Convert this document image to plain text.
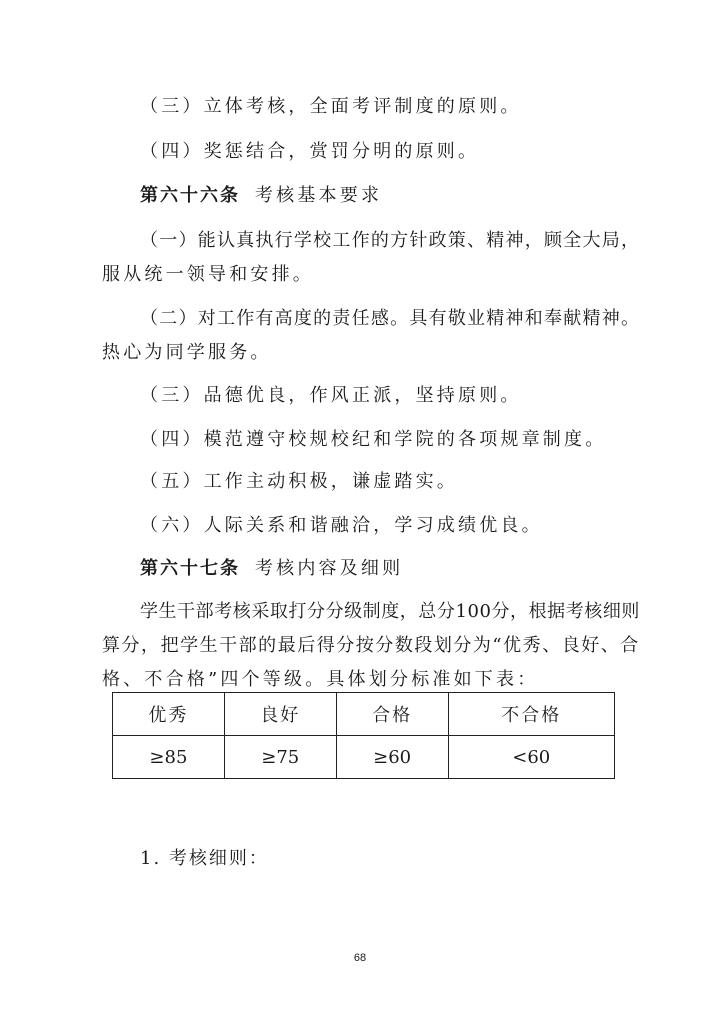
（三）立体考核，全面考评制度的原则。
（四）奖惩结合，赏罚分明的原则。
第六十六条 考核基本要求
（一）能认真执行学校工作的方针政策、精神，顾全大局，
服从统一领导和安排。
（二）对工作有高度的责任感。具有敬业精神和奉献精神。
热心为同学服务。
（三）品德优良，作风正派，坚持原则。
（四）模范遵守校规校纪和学院的各项规章制度。
（五）工作主动积极，谦虚踏实。
（六）人际关系和谐融洽，学习成绩优良。
第六十七条 考核内容及细则
学生干部考核采取打分分级制度，总分100分，根据考核细则
算分，把学生干部的最后得分按分数段划分为“优秀、良好、合
格、不合格”四个等级。具体划分标准如下表：
优秀	良好	合格	不合格
≥85	≥75	≥60	<60
1. 考核细则：
68
